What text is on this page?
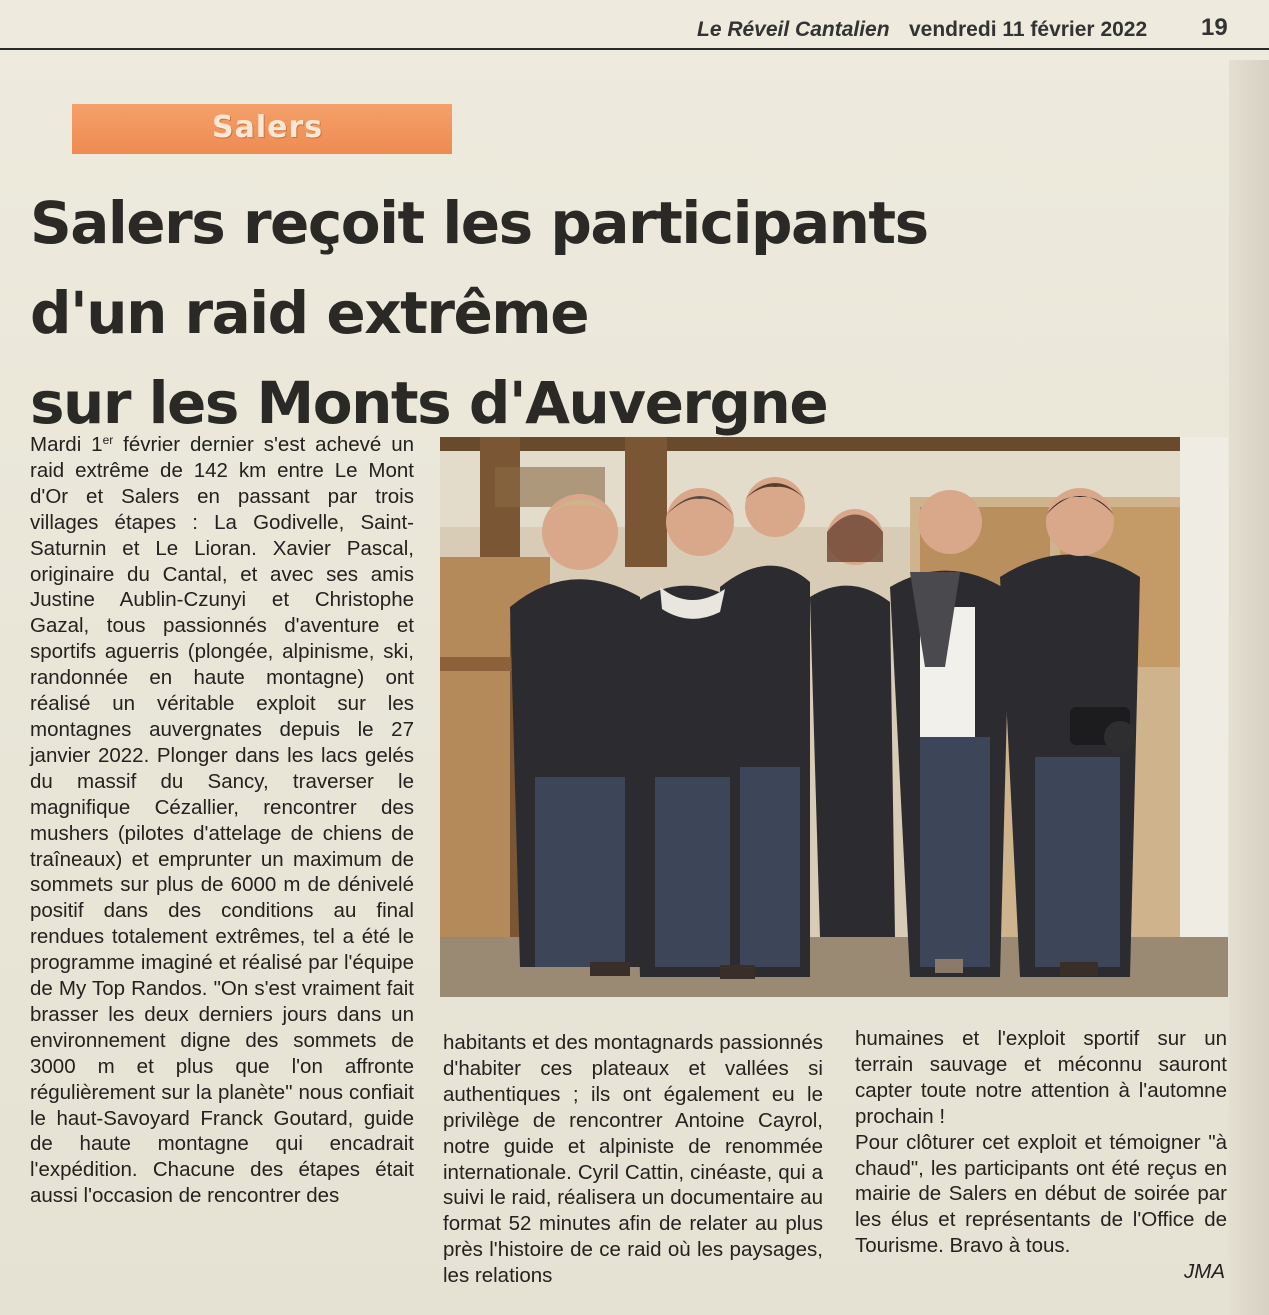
Le Réveil Cantalien vendredi 11 février 2022 19
Salers
Salers reçoit les participants
d'un raid extrême
sur les Monts d'Auvergne
Mardi 1er février dernier s'est achevé un raid extrême de 142 km entre Le Mont d'Or et Salers en passant par trois villages étapes : La Godivelle, Saint-Saturnin et Le Lioran. Xavier Pascal, originaire du Cantal, et avec ses amis Justine Aublin-Czunyi et Christophe Gazal, tous passionnés d'aventure et sportifs aguerris (plongée, alpinisme, ski, randonnée en haute montagne) ont réalisé un véritable exploit sur les montagnes auvergnates depuis le 27 janvier 2022. Plonger dans les lacs gelés du massif du Sancy, traverser le magnifique Cézallier, rencontrer des mushers (pilotes d'attelage de chiens de traîneaux) et emprunter un maximum de sommets sur plus de 6000 m de dénivelé positif dans des conditions au final rendues totalement extrêmes, tel a été le programme imaginé et réalisé par l'équipe de My Top Randos. "On s'est vraiment fait brasser les deux derniers jours dans un environnement digne des sommets de 3000 m et plus que l'on affronte régulièrement sur la planète" nous confiait le haut-Savoyard Franck Goutard, guide de haute montagne qui encadrait l'expédition. Chacune des étapes était aussi l'occasion de rencontrer des
habitants et des montagnards passionnés d'habiter ces plateaux et vallées si authentiques ; ils ont également eu le privilège de rencontrer Antoine Cayrol, notre guide et alpiniste de renommée internationale. Cyril Cattin, cinéaste, qui a suivi le raid, réalisera un documentaire au format 52 minutes afin de relater au plus près l'histoire de ce raid où les paysages, les relations
humaines et l'exploit sportif sur un terrain sauvage et méconnu sauront capter toute notre attention à l'automne prochain !
Pour clôturer cet exploit et témoigner "à chaud", les participants ont été reçus en mairie de Salers en début de soirée par les élus et représentants de l'Office de Tourisme. Bravo à tous.
JMA
